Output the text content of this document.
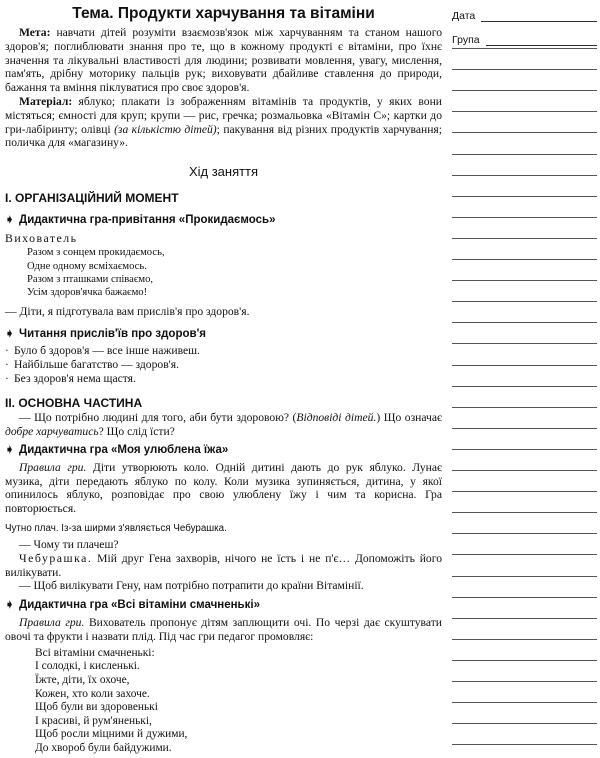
Тема. Продукти харчування та вітаміни

Мета: навчати дітей розуміти взаємозв'язок між харчуванням та станом нашого здоров'я; поглиблювати знання про те, що в кожному продукті є вітаміни, про їхнє значення та лікувальні властивості для людини; розвивати мовлення, увагу, мислення, пам'ять, дрібну моторику пальців рук; виховувати дбайливе ставлення до природи, бажання та вміння піклуватися про своє здоров'я.

Матеріал: яблуко; плакати із зображенням вітамінів та продуктів, у яких вони містяться; ємності для круп; крупи — рис, гречка; розмальовка «Вітамін С»; картки до гри-лабіринту; олівці (за кількістю дітей); пакування від різних продуктів харчування; поличка для «магазину».

Хід заняття
I. ОРГАНІЗАЦІЙНИЙ МОМЕНТ
➧ Дидактична гра-привітання «Прокидаємось»
Вихователь
Разом з сонцем прокидаємось,
Одне одному всміхаємось.
Разом з пташками співаємо,
Усім здоров'ячка бажаємо!

— Діти, я підготувала вам прислів'я про здоров'я.

➧ Читання прислів'їв про здоров'я
· Було б здоров'я — все інше наживеш.
· Найбільше багатство — здоров'я.
· Без здоров'я нема щастя.
II. ОСНОВНА ЧАСТИНА

— Що потрібно людині для того, аби бути здоровою? (Відповіді дітей.) Що означає добре харчуватись? Що слід їсти?

➧ Дидактична гра «Моя улюблена їжа»

Правила гри. Діти утворюють коло. Одній дитині дають до рук яблуко. Лунає музика, діти передають яблуко по колу. Коли музика зупиняється, дитина, у якої опинилось яблуко, розповідає про свою улюблену їжу і чим та корисна. Гра повторюється.

Чутно плач. Із-за ширми з'являється Чебурашка.

— Чому ти плачеш?

Чебурашка. Мій друг Гена захворів, нічого не їсть і не п'є… Допоможіть його вилікувати.

— Щоб вилікувати Гену, нам потрібно потрапити до країни Вітамінії.

➧ Дидактична гра «Всі вітаміни смачненькі»

Правила гри. Вихователь пропонує дітям заплющити очі. По черзі дає скуштувати овочі та фрукти і назвати плід. Під час гри педагог промовляє:

Всі вітаміни смачненькі:
І солодкі, і кисленькі.
Їжте, діти, їх охоче,
Кожен, хто коли захоче.
Щоб були ви здоровенькі
І красиві, й рум'яненькі,
Щоб росли міцними й дужими,
До хвороб були байдужими.
Дата
Група
